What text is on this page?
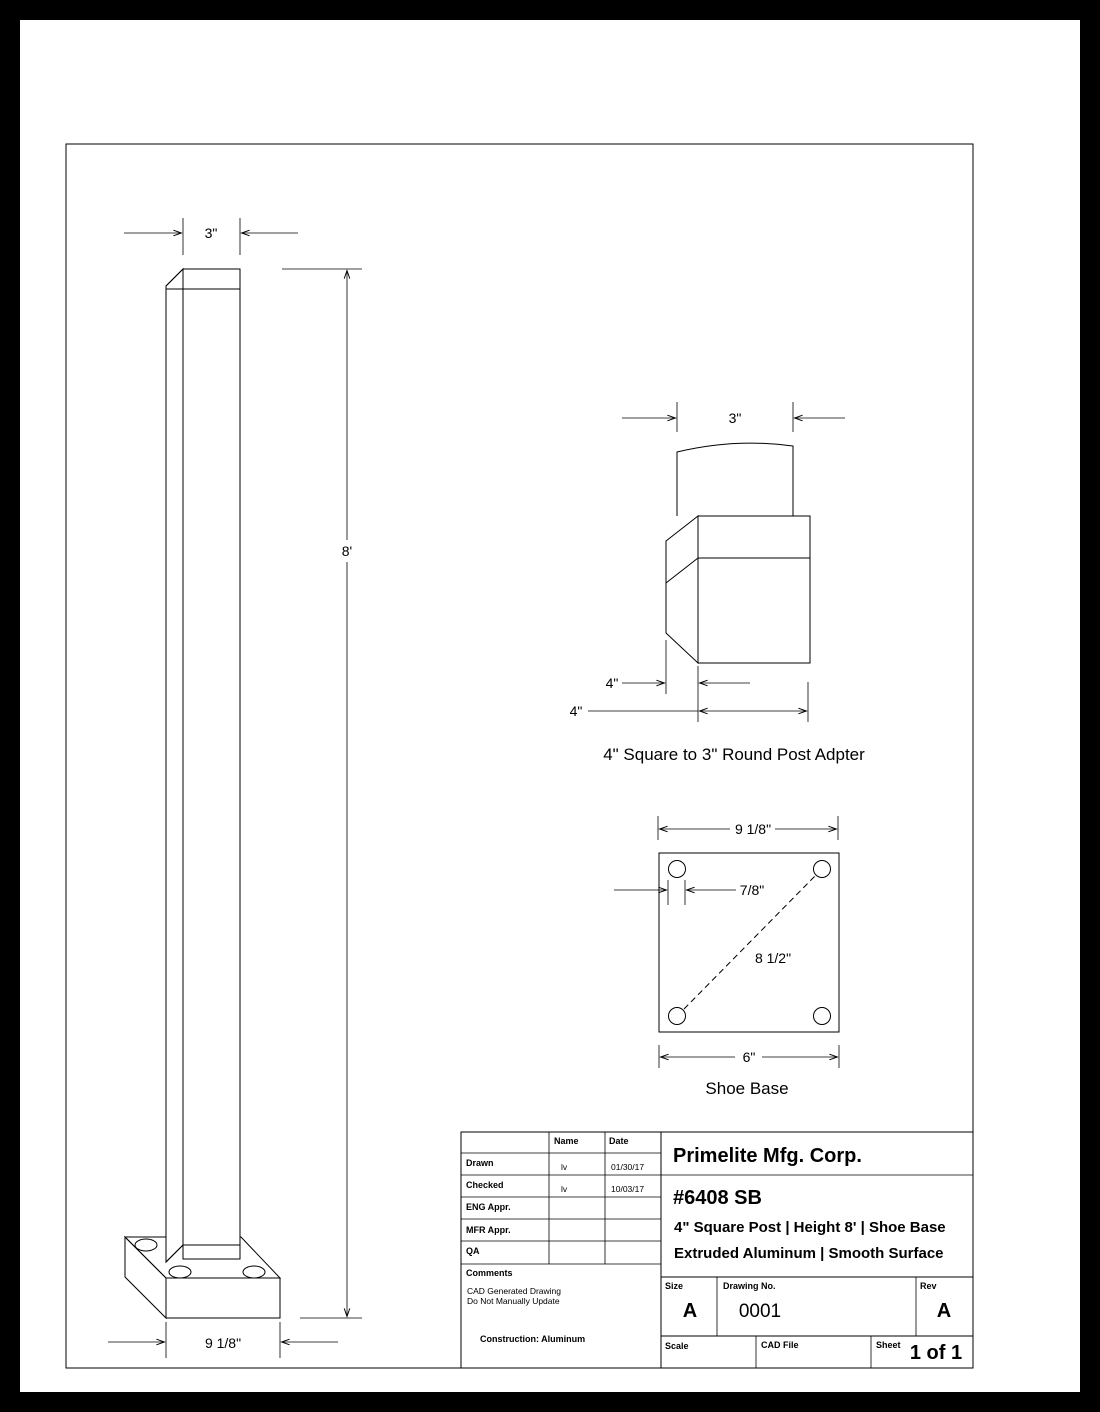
3"
8'
9 1/8"
3"
4"
4"
4" Square to 3" Round Post Adpter
9 1/8"
7/8"
8 1/2"
6"
Shoe Base
Name	Date
Drawn	lv	01/30/17
Checked	lv	10/03/17
ENG Appr.
MFR Appr.
QA
Comments
CAD Generated Drawing
Do Not Manually Update
Construction: Aluminum
Primelite Mfg. Corp.
#6408 SB
4" Square Post | Height 8' | Shoe Base
Extruded Aluminum | Smooth Surface
Size
A
Drawing No.
0001
Rev
A
Scale	CAD File	Sheet 1 of 1
